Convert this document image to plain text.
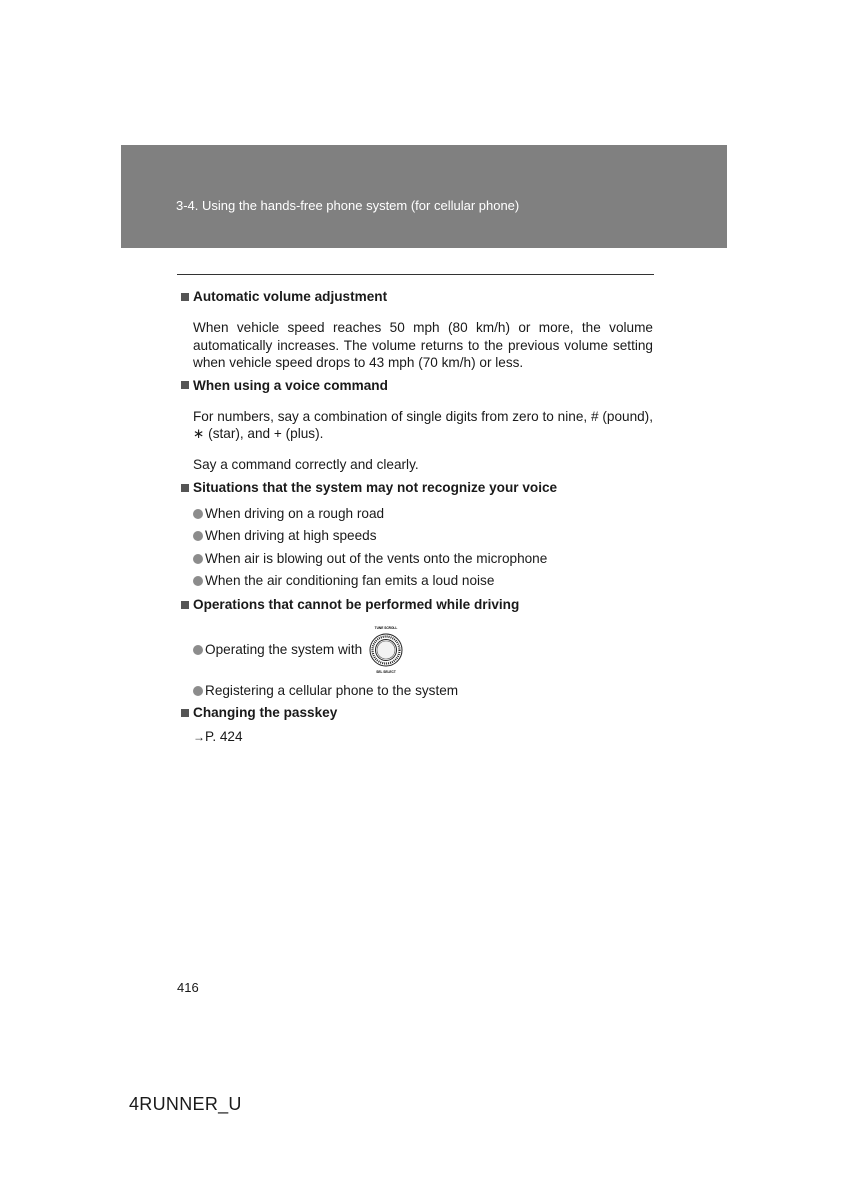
3-4. Using the hands-free phone system (for cellular phone)
Automatic volume adjustment

When vehicle speed reaches 50 mph (80 km/h) or more, the volume automatically increases. The volume returns to the previous volume setting when vehicle speed drops to 43 mph (70 km/h) or less.

When using a voice command

For numbers, say a combination of single digits from zero to nine, # (pound), ∗ (star), and + (plus).

Say a command correctly and clearly.

Situations that the system may not recognize your voice
When driving on a rough road
When driving at high speeds
When air is blowing out of the vents onto the microphone
When the air conditioning fan emits a loud noise
Operations that cannot be performed while driving
Operating the system with
TUNE SCROLL
SEL SELECT
Registering a cellular phone to the system
Changing the passkey
→P. 424
416
4RUNNER_U
